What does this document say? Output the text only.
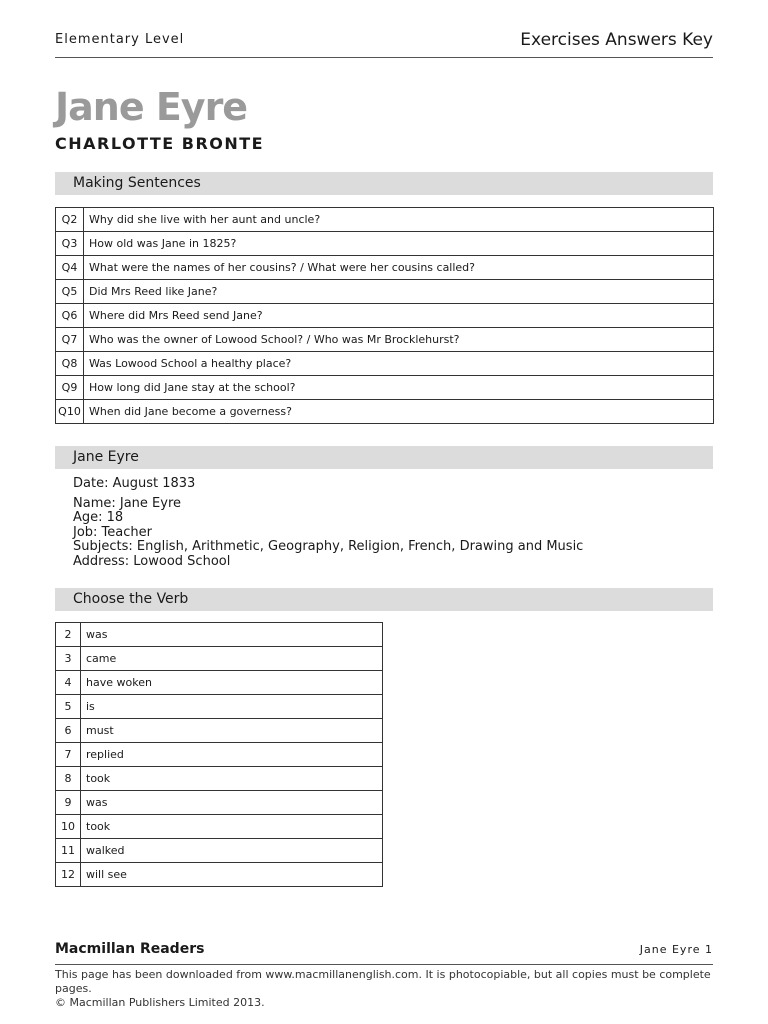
Elementary Level	Exercises Answers Key
Jane Eyre
CHARLOTTE BRONTE
Making Sentences
Q2	Why did she live with her aunt and uncle?
Q3	How old was Jane in 1825?
Q4	What were the names of her cousins? / What were her cousins called?
Q5	Did Mrs Reed like Jane?
Q6	Where did Mrs Reed send Jane?
Q7	Who was the owner of Lowood School? / Who was Mr Brocklehurst?
Q8	Was Lowood School a healthy place?
Q9	How long did Jane stay at the school?
Q10	When did Jane become a governess?
Jane Eyre
Date: August 1833
Name: Jane Eyre
Age: 18
Job: Teacher
Subjects: English, Arithmetic, Geography, Religion, French, Drawing and Music
Address: Lowood School
Choose the Verb
2	was
3	came
4	have woken
5	is
6	must
7	replied
8	took
9	was
10	took
11	walked
12	will see
Macmillan Readers	Jane Eyre 1
This page has been downloaded from www.macmillanenglish.com. It is photocopiable, but all copies must be complete pages.
© Macmillan Publishers Limited 2013.
